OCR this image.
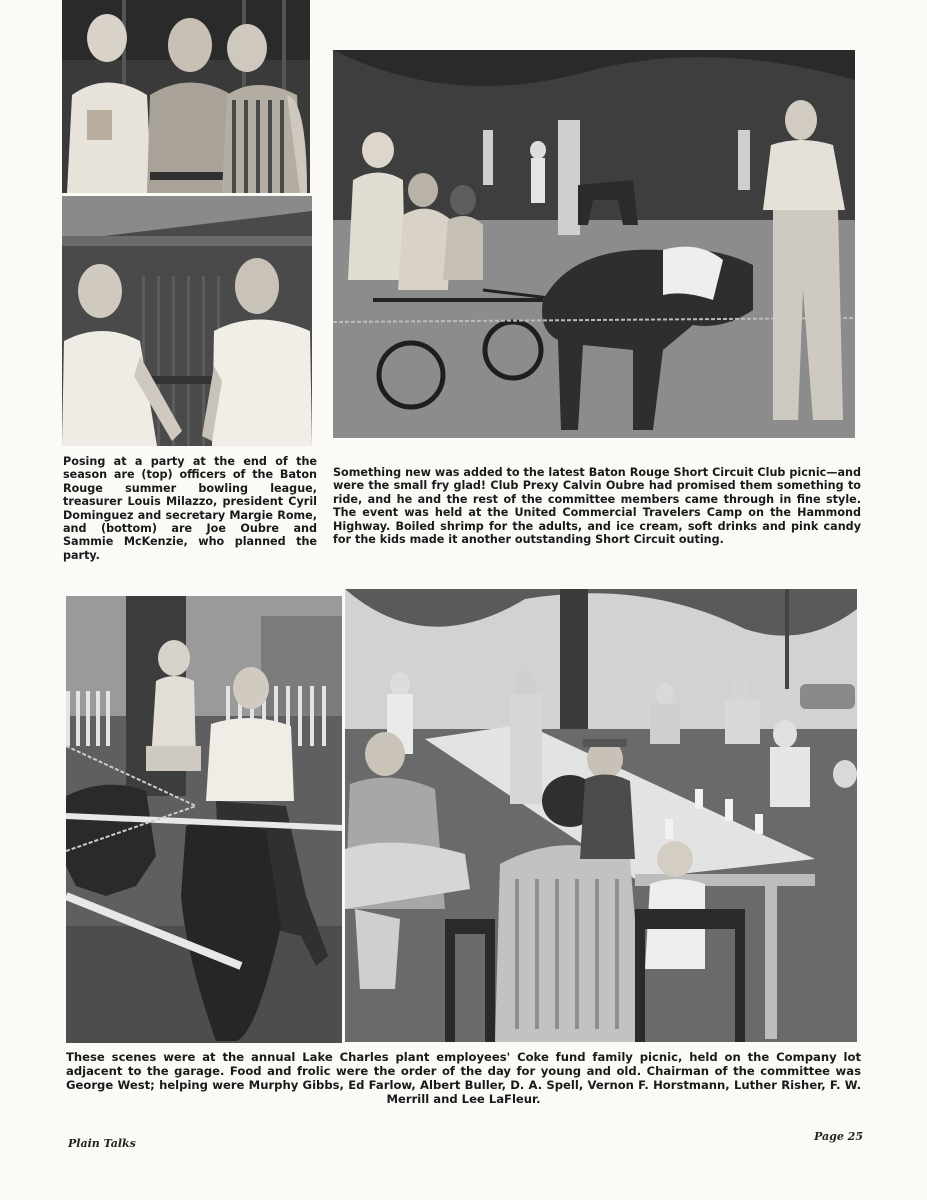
Posing at a party at the end of the season are (top) officers of the Baton Rouge summer bowling league, treasurer Louis Milazzo, president Cyril Dominguez and secretary Margie Rome, and (bottom) are Joe Oubre and Sammie McKenzie, who planned the party.

Something new was added to the latest Baton Rouge Short Circuit Club picnic—and were the small fry glad! Club Prexy Calvin Oubre had promised them something to ride, and he and the rest of the committee members came through in fine style. The event was held at the United Commercial Travelers Camp on the Hammond Highway. Boiled shrimp for the adults, and ice cream, soft drinks and pink candy for the kids made it another outstanding Short Circuit outing.

These scenes were at the annual Lake Charles plant employees' Coke fund family picnic, held on the Company lot adjacent to the garage. Food and frolic were the order of the day for young and old. Chairman of the committee was George West; helping were Murphy Gibbs, Ed Farlow, Albert Buller, D. A. Spell, Vernon F. Horstmann, Luther Risher, F. W. Merrill and Lee LaFleur.

Plain Talks
Page 25
